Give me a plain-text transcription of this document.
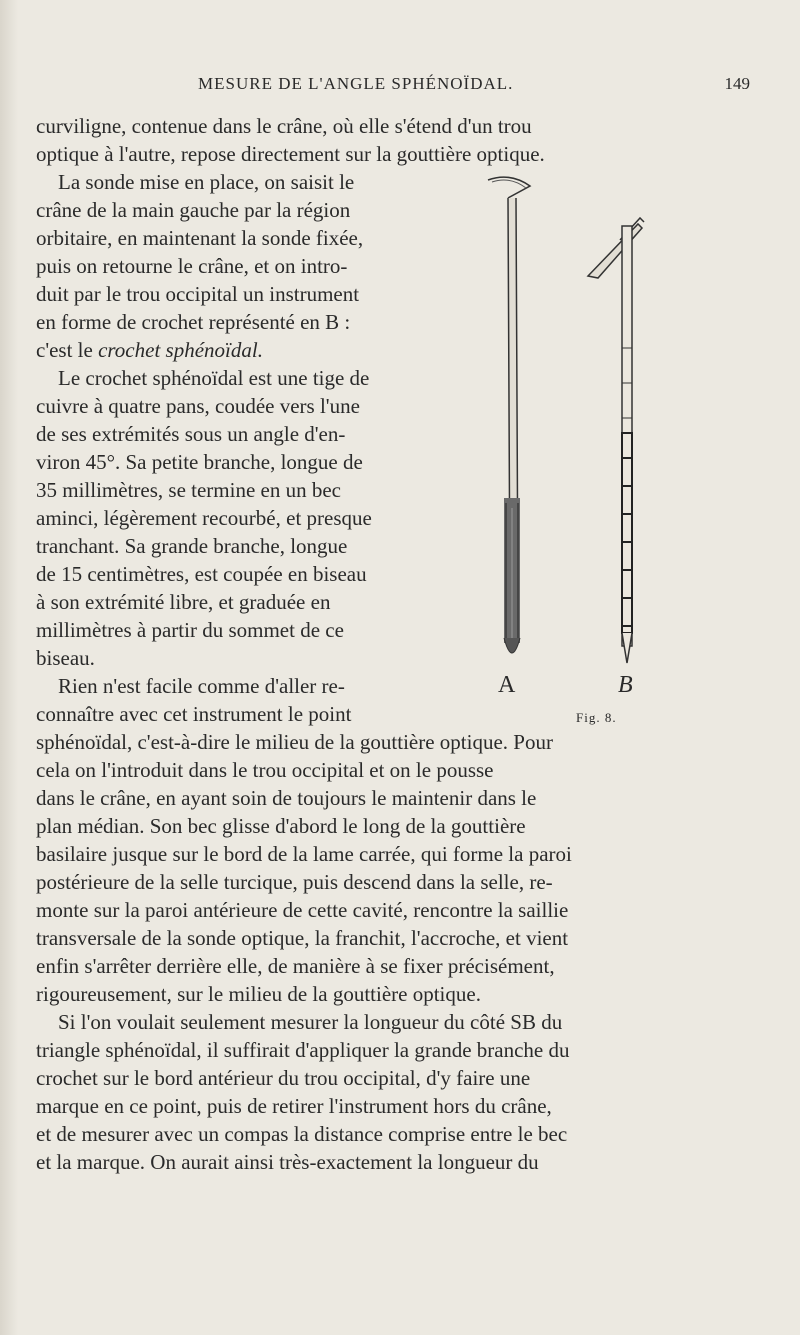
MESURE DE L'ANGLE SPHÉNOÏDAL.	149
A	B
Fig. 8.
curviligne, contenue dans le crâne, où elle s'étend d'un trou
optique à l'autre, repose directement sur la gouttière optique.
La sonde mise en place, on saisit le
crâne de la main gauche par la région
orbitaire, en maintenant la sonde fixée,
puis on retourne le crâne, et on intro-
duit par le trou occipital un instrument
en forme de crochet représenté en B :
c'est le crochet sphénoïdal.
Le crochet sphénoïdal est une tige de
cuivre à quatre pans, coudée vers l'une
de ses extrémités sous un angle d'en-
viron 45°. Sa petite branche, longue de
35 millimètres, se termine en un bec
aminci, légèrement recourbé, et presque
tranchant. Sa grande branche, longue
de 15 centimètres, est coupée en biseau
à son extrémité libre, et graduée en
millimètres à partir du sommet de ce
biseau.
Rien n'est facile comme d'aller re-
connaître avec cet instrument le point
sphénoïdal, c'est-à-dire le milieu de la gouttière optique. Pour
cela on l'introduit dans le trou occipital et on le pousse
dans le crâne, en ayant soin de toujours le maintenir dans le
plan médian. Son bec glisse d'abord le long de la gouttière
basilaire jusque sur le bord de la lame carrée, qui forme la paroi
postérieure de la selle turcique, puis descend dans la selle, re-
monte sur la paroi antérieure de cette cavité, rencontre la saillie
transversale de la sonde optique, la franchit, l'accroche, et vient
enfin s'arrêter derrière elle, de manière à se fixer précisément,
rigoureusement, sur le milieu de la gouttière optique.
Si l'on voulait seulement mesurer la longueur du côté SB du
triangle sphénoïdal, il suffirait d'appliquer la grande branche du
crochet sur le bord antérieur du trou occipital, d'y faire une
marque en ce point, puis de retirer l'instrument hors du crâne,
et de mesurer avec un compas la distance comprise entre le bec
et la marque. On aurait ainsi très-exactement la longueur du
